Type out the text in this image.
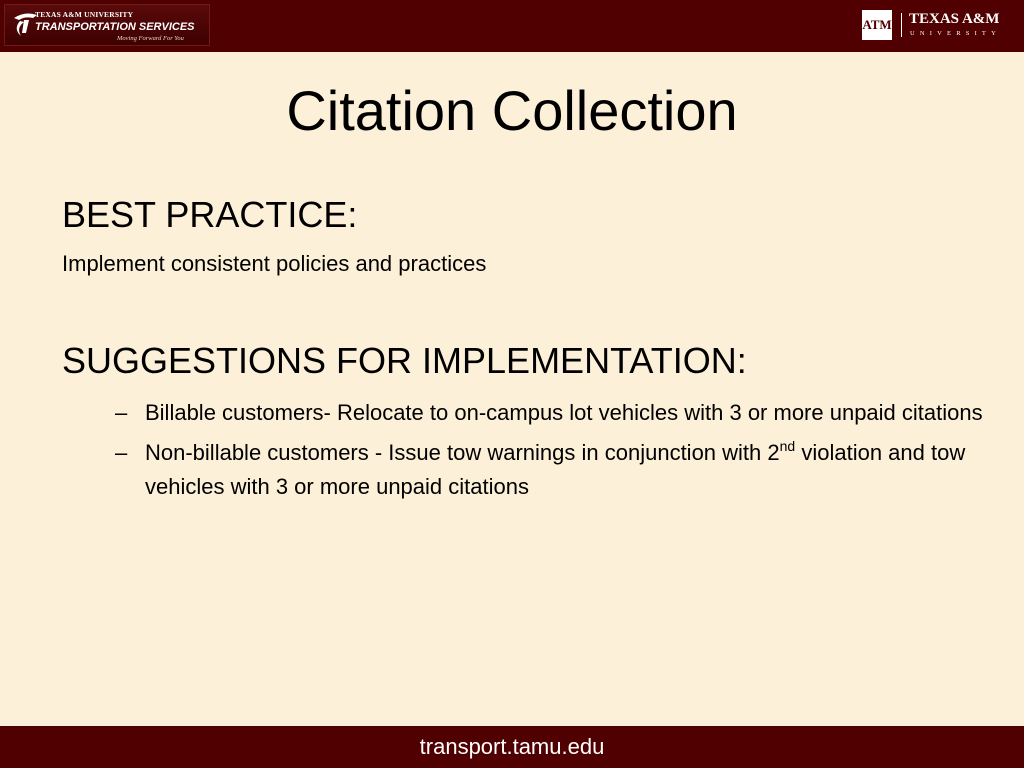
TEXAS A&M UNIVERSITY
TRANSPORTATION SERVICES
Moving Forward For You
ATM TEXAS A&M
UNIVERSITY
Citation Collection
BEST PRACTICE:
Implement consistent policies and practices
SUGGESTIONS FOR IMPLEMENTATION:
– Billable customers- Relocate to on-campus lot vehicles with 3 or more unpaid citations
– Non-billable customers - Issue tow warnings in conjunction with 2nd violation and tow vehicles with 3 or more unpaid citations
transport.tamu.edu
